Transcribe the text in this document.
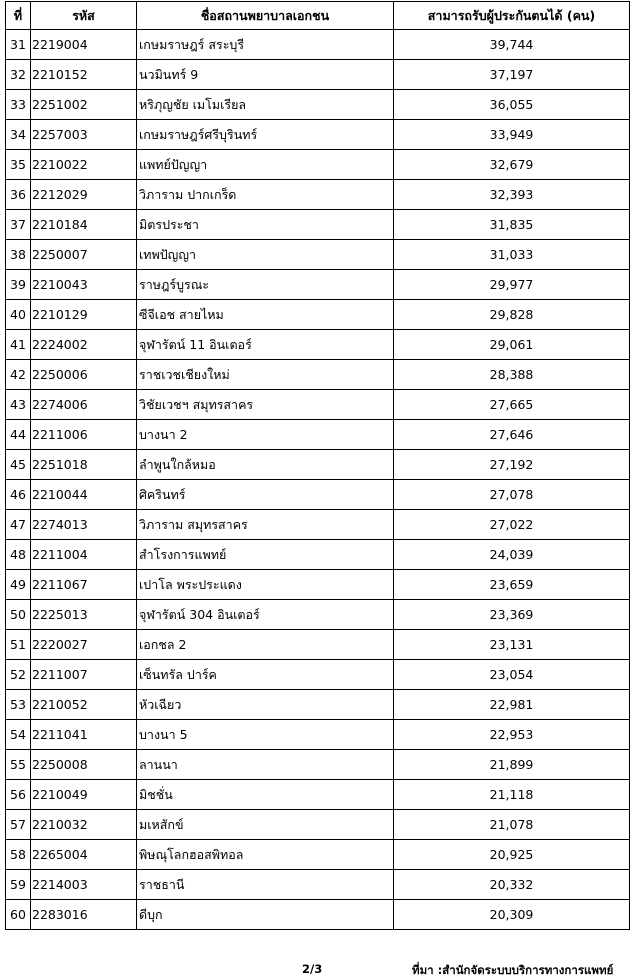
ที่	รหัส	ชื่อสถานพยาบาลเอกชน	สามารถรับผู้ประกันตนได้ (คน)
31	2219004	เกษมราษฎร์ สระบุรี	39,744
32	2210152	นวมินทร์ 9	37,197
33	2251002	หริภุญชัย เมโมเรียล	36,055
34	2257003	เกษมราษฎร์ศรีบุรินทร์	33,949
35	2210022	แพทย์ปัญญา	32,679
36	2212029	วิภาราม ปากเกร็ด	32,393
37	2210184	มิตรประชา	31,835
38	2250007	เทพปัญญา	31,033
39	2210043	ราษฎร์บูรณะ	29,977
40	2210129	ซีจีเอช สายไหม	29,828
41	2224002	จุฬารัตน์ 11 อินเตอร์	29,061
42	2250006	ราชเวชเชียงใหม่	28,388
43	2274006	วิชัยเวชฯ สมุทรสาคร	27,665
44	2211006	บางนา 2	27,646
45	2251018	ลำพูนใกล้หมอ	27,192
46	2210044	ศิครินทร์	27,078
47	2274013	วิภาราม สมุทรสาคร	27,022
48	2211004	สำโรงการแพทย์	24,039
49	2211067	เปาโล พระประแดง	23,659
50	2225013	จุฬารัตน์ 304 อินเตอร์	23,369
51	2220027	เอกชล 2	23,131
52	2211007	เซ็นทรัล ปาร์ค	23,054
53	2210052	หัวเฉียว	22,981
54	2211041	บางนา 5	22,953
55	2250008	ลานนา	21,899
56	2210049	มิชชั่น	21,118
57	2210032	มเหสักข์	21,078
58	2265004	พิษณุโลกฮอสพิทอล	20,925
59	2214003	ราชธานี	20,332
60	2283016	ดีบุก	20,309
2/3	ที่มา :สำนักจัดระบบบริการทางการแพทย์
